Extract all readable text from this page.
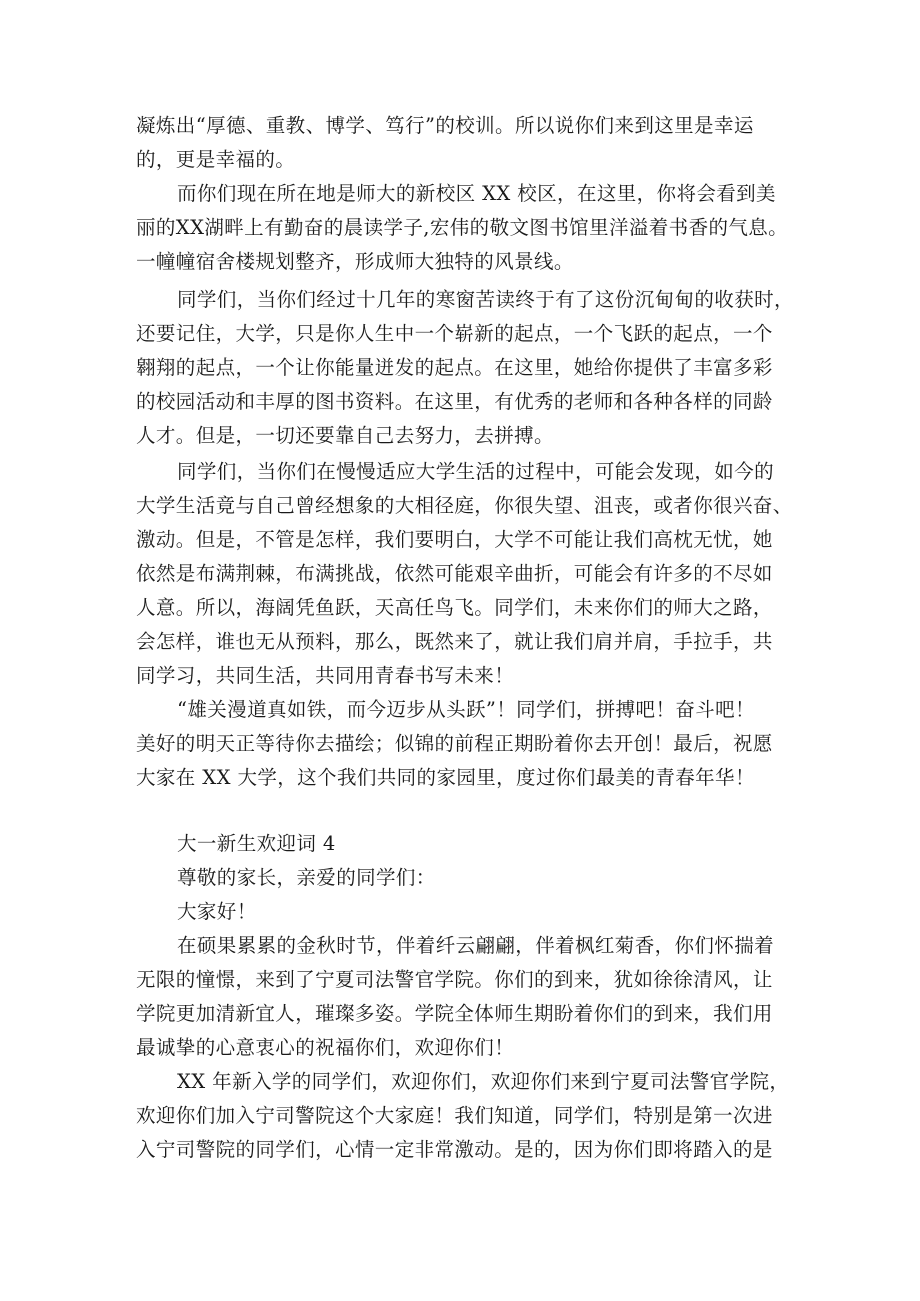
凝炼出“厚德、重教、博学、笃行”的校训。所以说你们来到这里是幸运
的，更是幸福的。
而你们现在所在地是师大的新校区 XX 校区，在这里，你将会看到美
丽的XX湖畔上有勤奋的晨读学子,宏伟的敬文图书馆里洋溢着书香的气息。
一幢幢宿舍楼规划整齐，形成师大独特的风景线。
同学们，当你们经过十几年的寒窗苦读终于有了这份沉甸甸的收获时，
还要记住，大学，只是你人生中一个崭新的起点，一个飞跃的起点，一个
翱翔的起点，一个让你能量迸发的起点。在这里，她给你提供了丰富多彩
的校园活动和丰厚的图书资料。在这里，有优秀的老师和各种各样的同龄
人才。但是，一切还要靠自己去努力，去拼搏。
同学们，当你们在慢慢适应大学生活的过程中，可能会发现，如今的
大学生活竟与自己曾经想象的大相径庭，你很失望、沮丧，或者你很兴奋、
激动。但是，不管是怎样，我们要明白，大学不可能让我们高枕无忧，她
依然是布满荆棘，布满挑战，依然可能艰辛曲折，可能会有许多的不尽如
人意。所以，海阔凭鱼跃，天高任鸟飞。同学们，未来你们的师大之路，
会怎样，谁也无从预料，那么，既然来了，就让我们肩并肩，手拉手，共
同学习，共同生活，共同用青春书写未来！
“雄关漫道真如铁，而今迈步从头跃”！同学们，拼搏吧！奋斗吧！
美好的明天正等待你去描绘；似锦的前程正期盼着你去开创！最后，祝愿
大家在 XX 大学，这个我们共同的家园里，度过你们最美的青春年华！
大一新生欢迎词 4
尊敬的家长，亲爱的同学们：
大家好！
在硕果累累的金秋时节，伴着纤云翩翩，伴着枫红菊香，你们怀揣着
无限的憧憬，来到了宁夏司法警官学院。你们的到来，犹如徐徐清风，让
学院更加清新宜人，璀璨多姿。学院全体师生期盼着你们的到来，我们用
最诚挚的心意衷心的祝福你们，欢迎你们！
XX 年新入学的同学们，欢迎你们，欢迎你们来到宁夏司法警官学院，
欢迎你们加入宁司警院这个大家庭！我们知道，同学们，特别是第一次进
入宁司警院的同学们，心情一定非常激动。是的，因为你们即将踏入的是
